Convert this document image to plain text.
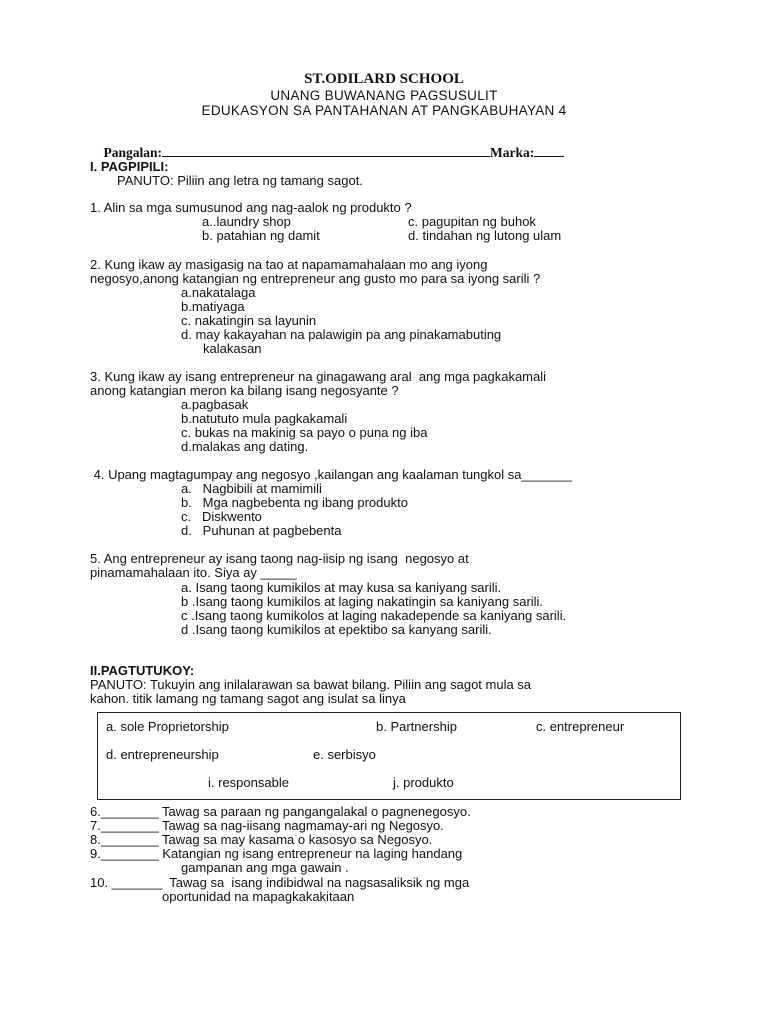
ST.ODILARD SCHOOL
UNANG BUWANANG PAGSUSULIT
EDUKASYON SA PANTAHANAN AT PANGKABUHAYAN 4

Pangalan:	Marka:

I. PAGPIPILI:
PANUTO: Piliin ang letra ng tamang sagot.
1. Alin sa mga sumusunod ang nag-aalok ng produkto ?
a..laundry shop	c. pagupitan ng buhok
b. patahian ng damit	d. tindahan ng lutong ulam
2. Kung ikaw ay masigasig na tao at napamamahalaan mo ang iyong
negosyo,anong katangian ng entrepreneur ang gusto mo para sa iyong sarili ?
a.nakatalaga
b.matiyaga
c. nakatingin sa layunin
d. may kakayahan na palawigin pa ang pinakamabuting
kalakasan
3. Kung ikaw ay isang entrepreneur na ginagawang aral  ang mga pagkakamali
anong katangian meron ka bilang isang negosyante ?
a.pagbasak
b.natututo mula pagkakamali
c. bukas na makinig sa payo o puna ng iba
d.malakas ang dating.
4. Upang magtagumpay ang negosyo ,kailangan ang kaalaman tungkol sa_______
a.   Nagbibili at mamimili
b.   Mga nagbebenta ng ibang produkto
c.   Diskwento
d.   Puhunan at pagbebenta
5. Ang entrepreneur ay isang taong nag-iisip ng isang  negosyo at
pinamamahalaan ito. Siya ay _____
a. Isang taong kumikilos at may kusa sa kaniyang sarili.
b .Isang taong kumikilos at laging nakatingin sa kaniyang sarili.
c .Isang taong kumikolos at laging nakadepende sa kaniyang sarili.
d .Isang taong kumikilos at epektibo sa kanyang sarili.
II.PAGTUTUKOY:
PANUTO: Tukuyin ang inilalarawan sa bawat bilang. Piliin ang sagot mula sa
kahon. titik lamang ng tamang sagot ang isulat sa linya
a. sole Proprietorship	b. Partnership	c. entrepreneur
d. entrepreneurship	e. serbisyo
i. responsable	j. produkto
6.________ Tawag sa paraan ng pangangalakal o pagnenegosyo.
7.________ Tawag sa nag-iisang nagmamay-ari ng Negosyo.
8.________ Tawag sa may kasama o kasosyo sa Negosyo.
9.________ Katangian ng isang entrepreneur na laging handang
gampanan ang mga gawain .
10. _______  Tawag sa  isang indibidwal na nagsasaliksik ng mga
oportunidad na mapagkakakitaan
